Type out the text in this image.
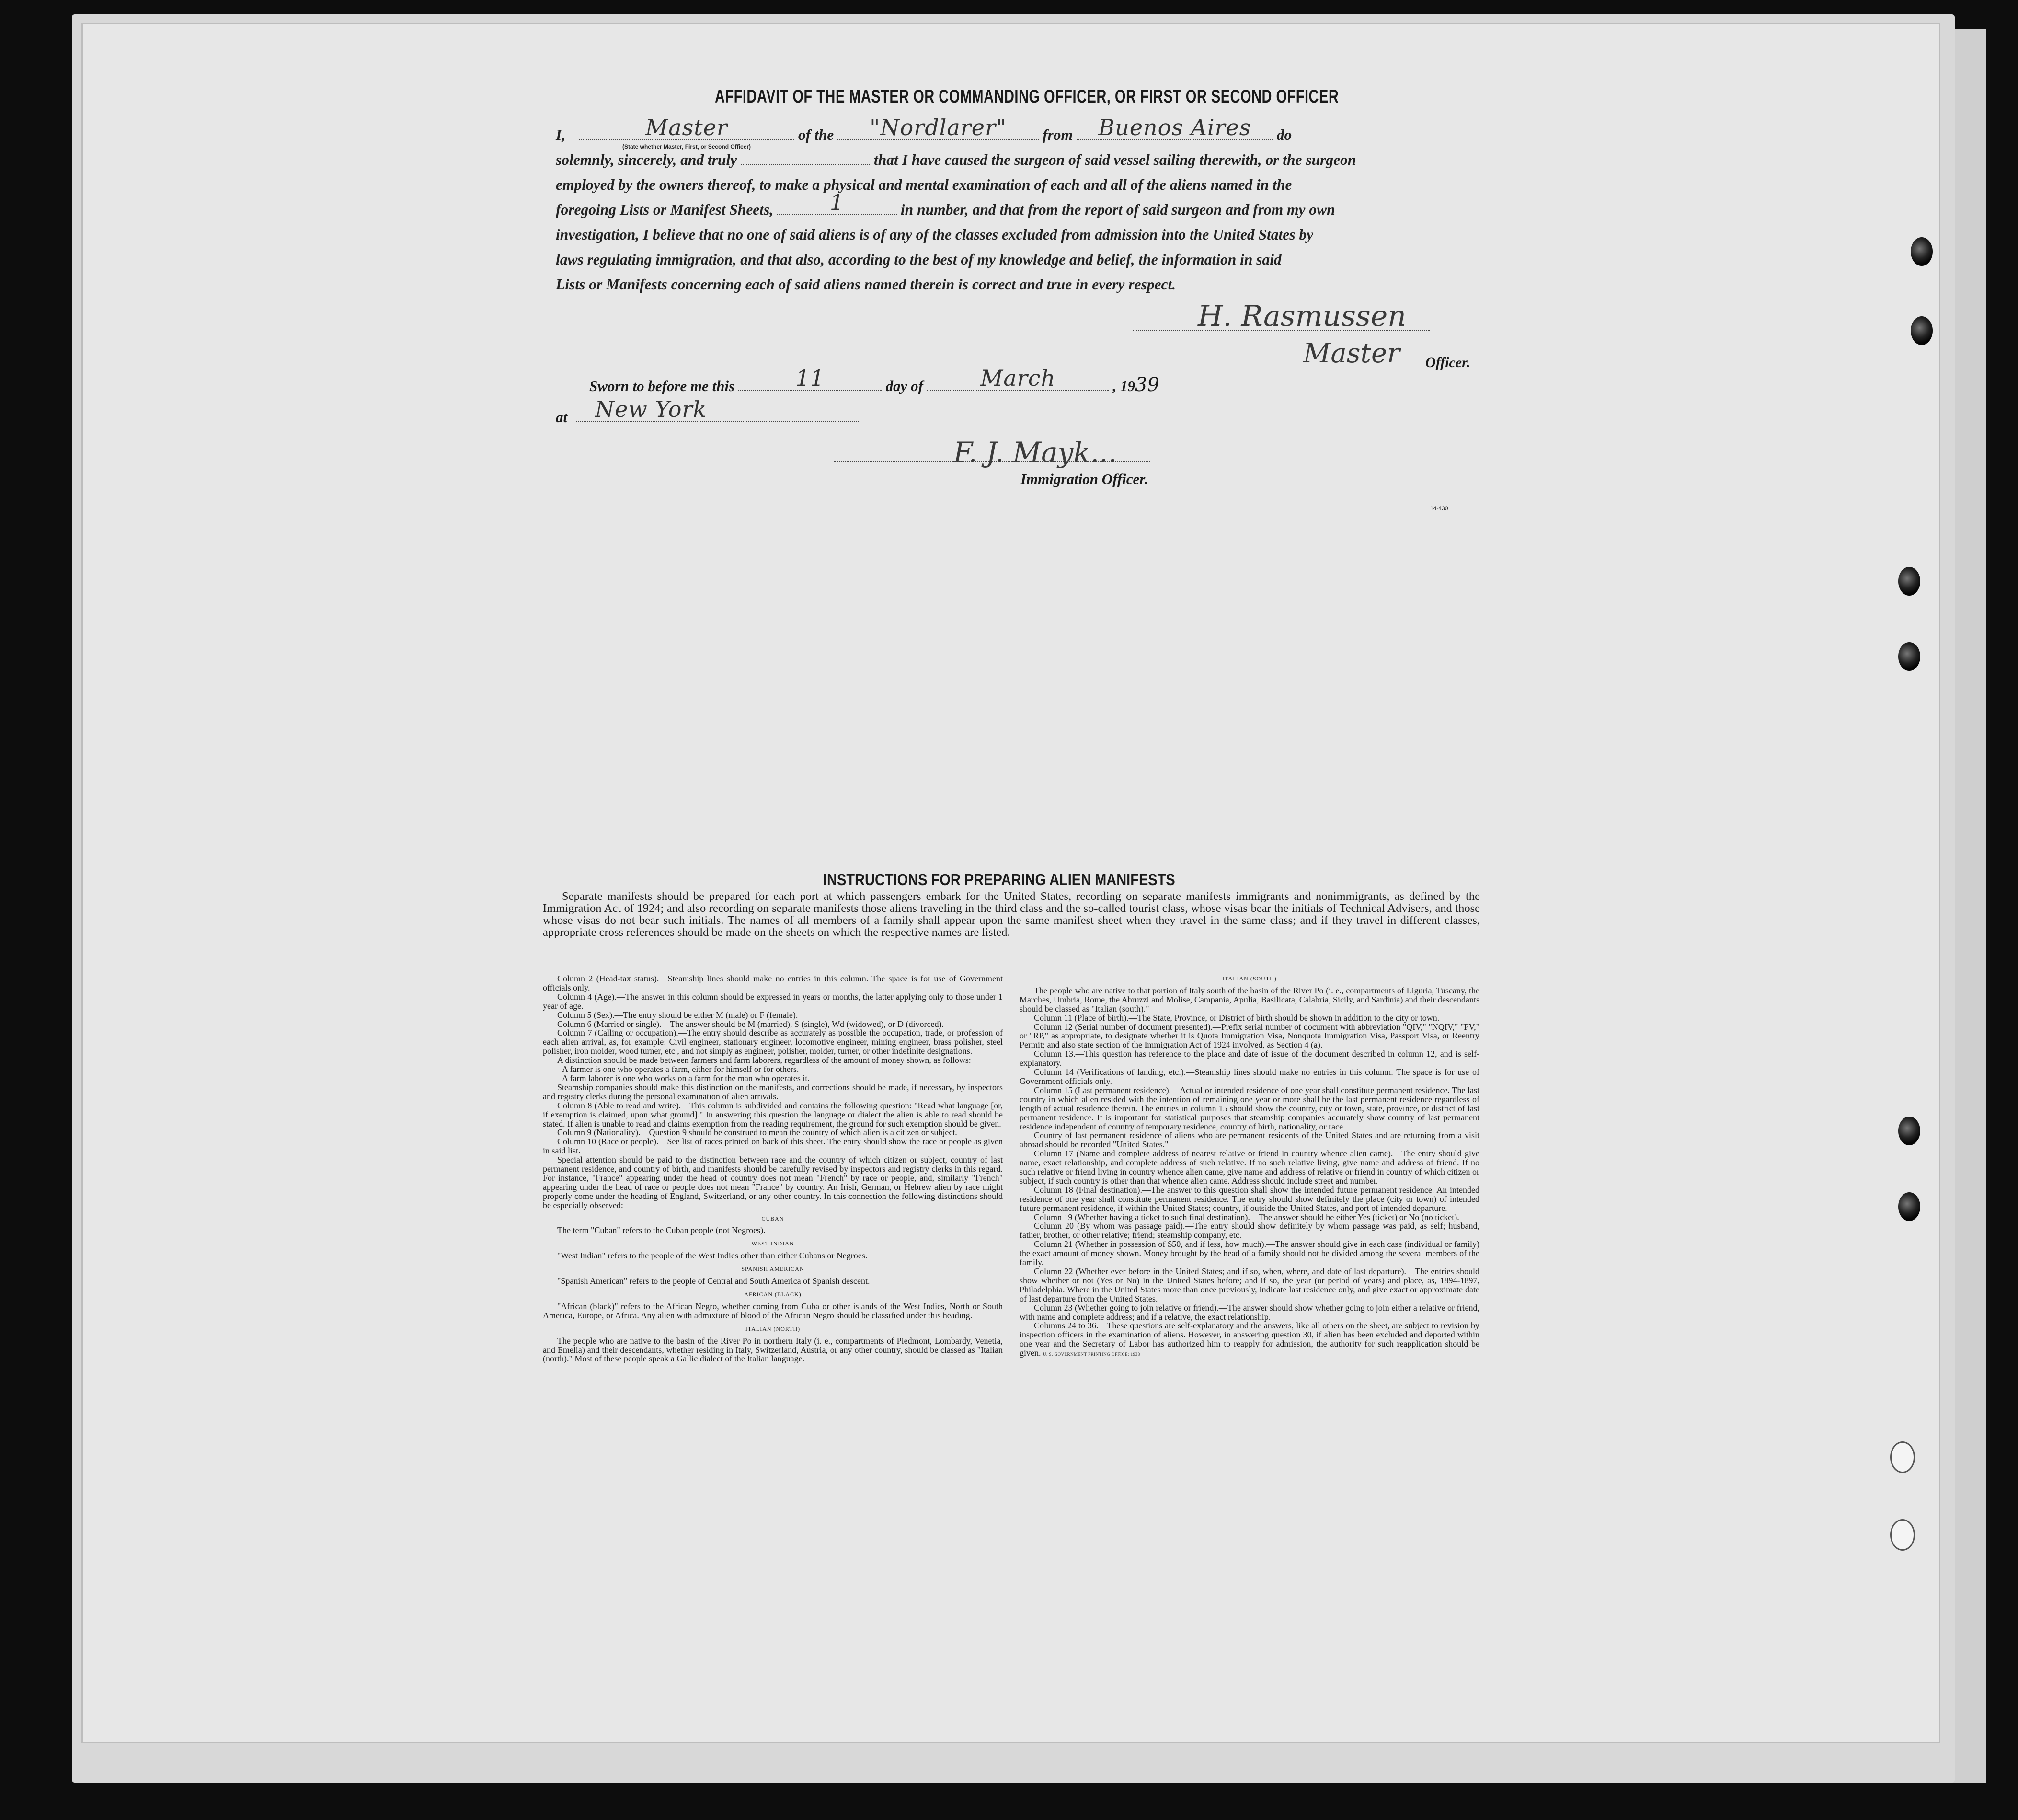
AFFIDAVIT OF THE MASTER OR COMMANDING OFFICER, OR FIRST OR SECOND OFFICER
I,	Master
(State whether Master, First, or Second Officer)
of the	"Nordlarer"	from	Buenos Aires	do
solemnly, sincerely, and truly	that I have caused the surgeon of said vessel sailing therewith, or the surgeon
employed by the owners thereof, to make a physical and mental examination of each and all of the aliens named in the
foregoing Lists or Manifest Sheets,	1	in number, and that from the report of said surgeon and from my own
investigation, I believe that no one of said aliens is of any of the classes excluded from admission into the United States by
laws regulating immigration, and that also, according to the best of my knowledge and belief, the information in said
Lists or Manifests concerning each of said aliens named therein is correct and true in every respect.
H. Rasmussen
Master Officer.
Sworn to before me this	11	day of	March	, 1939
at	New York
F. J. Mayk...
Immigration Officer.
14-430
INSTRUCTIONS FOR PREPARING ALIEN MANIFESTS
Separate manifests should be prepared for each port at which passengers embark for the United States, recording on separate manifests immigrants and nonimmigrants, as defined by the Immigration Act of 1924; and also recording on separate manifests those aliens traveling in the third class and the so-called tourist class, whose visas bear the initials of Technical Advisers, and those whose visas do not bear such initials. The names of all members of a family shall appear upon the same manifest sheet when they travel in the same class; and if they travel in different classes, appropriate cross references should be made on the sheets on which the respective names are listed.

Column 2 (Head-tax status).—Steamship lines should make no entries in this column. The space is for use of Government officials only.

Column 4 (Age).—The answer in this column should be expressed in years or months, the latter applying only to those under 1 year of age.

Column 5 (Sex).—The entry should be either M (male) or F (female).

Column 6 (Married or single).—The answer should be M (married), S (single), Wd (widowed), or D (divorced).

Column 7 (Calling or occupation).—The entry should describe as accurately as possible the occupation, trade, or profession of each alien arrival, as, for example: Civil engineer, stationary engineer, locomotive engineer, mining engineer, brass polisher, steel polisher, iron molder, wood turner, etc., and not simply as engineer, polisher, molder, turner, or other indefinite designations.

A distinction should be made between farmers and farm laborers, regardless of the amount of money shown, as follows:

A farmer is one who operates a farm, either for himself or for others.

A farm laborer is one who works on a farm for the man who operates it.

Steamship companies should make this distinction on the manifests, and corrections should be made, if necessary, by inspectors and registry clerks during the personal examination of alien arrivals.

Column 8 (Able to read and write).—This column is subdivided and contains the following question: "Read what language [or, if exemption is claimed, upon what ground]." In answering this question the language or dialect the alien is able to read should be stated. If alien is unable to read and claims exemption from the reading requirement, the ground for such exemption should be given.

Column 9 (Nationality).—Question 9 should be construed to mean the country of which alien is a citizen or subject.

Column 10 (Race or people).—See list of races printed on back of this sheet. The entry should show the race or people as given in said list.

Special attention should be paid to the distinction between race and the country of which citizen or subject, country of last permanent residence, and country of birth, and manifests should be carefully revised by inspectors and registry clerks in this regard. For instance, "France" appearing under the head of country does not mean "French" by race or people, and, similarly "French" appearing under the head of race or people does not mean "France" by country. An Irish, German, or Hebrew alien by race might properly come under the heading of England, Switzerland, or any other country. In this connection the following distinctions should be especially observed:

CUBAN

The term "Cuban" refers to the Cuban people (not Negroes).

WEST INDIAN

"West Indian" refers to the people of the West Indies other than either Cubans or Negroes.

SPANISH AMERICAN

"Spanish American" refers to the people of Central and South America of Spanish descent.

AFRICAN (BLACK)

"African (black)" refers to the African Negro, whether coming from Cuba or other islands of the West Indies, North or South America, Europe, or Africa. Any alien with admixture of blood of the African Negro should be classified under this heading.

ITALIAN (NORTH)

The people who are native to the basin of the River Po in northern Italy (i. e., compartments of Piedmont, Lombardy, Venetia, and Emelia) and their descendants, whether residing in Italy, Switzerland, Austria, or any other country, should be classed as "Italian (north)." Most of these people speak a Gallic dialect of the Italian language.

ITALIAN (SOUTH)

The people who are native to that portion of Italy south of the basin of the River Po (i. e., compartments of Liguria, Tuscany, the Marches, Umbria, Rome, the Abruzzi and Molise, Campania, Apulia, Basilicata, Calabria, Sicily, and Sardinia) and their descendants should be classed as "Italian (south)."

Column 11 (Place of birth).—The State, Province, or District of birth should be shown in addition to the city or town.

Column 12 (Serial number of document presented).—Prefix serial number of document with abbreviation "QIV," "NQIV," "PV," or "RP," as appropriate, to designate whether it is Quota Immigration Visa, Nonquota Immigration Visa, Passport Visa, or Reentry Permit; and also state section of the Immigration Act of 1924 involved, as Section 4 (a).

Column 13.—This question has reference to the place and date of issue of the document described in column 12, and is self-explanatory.

Column 14 (Verifications of landing, etc.).—Steamship lines should make no entries in this column. The space is for use of Government officials only.

Column 15 (Last permanent residence).—Actual or intended residence of one year shall constitute permanent residence. The last country in which alien resided with the intention of remaining one year or more shall be the last permanent residence regardless of length of actual residence therein. The entries in column 15 should show the country, city or town, state, province, or district of last permanent residence. It is important for statistical purposes that steamship companies accurately show country of last permanent residence independent of country of temporary residence, country of birth, nationality, or race.

Country of last permanent residence of aliens who are permanent residents of the United States and are returning from a visit abroad should be recorded "United States."

Column 17 (Name and complete address of nearest relative or friend in country whence alien came).—The entry should give name, exact relationship, and complete address of such relative. If no such relative living, give name and address of friend. If no such relative or friend living in country whence alien came, give name and address of relative or friend in country of which citizen or subject, if such country is other than that whence alien came. Address should include street and number.

Column 18 (Final destination).—The answer to this question shall show the intended future permanent residence. An intended residence of one year shall constitute permanent residence. The entry should show definitely the place (city or town) of intended future permanent residence, if within the United States; country, if outside the United States, and port of intended departure.

Column 19 (Whether having a ticket to such final destination).—The answer should be either Yes (ticket) or No (no ticket).

Column 20 (By whom was passage paid).—The entry should show definitely by whom passage was paid, as self; husband, father, brother, or other relative; friend; steamship company, etc.

Column 21 (Whether in possession of $50, and if less, how much).—The answer should give in each case (individual or family) the exact amount of money shown. Money brought by the head of a family should not be divided among the several members of the family.

Column 22 (Whether ever before in the United States; and if so, when, where, and date of last departure).—The entries should show whether or not (Yes or No) in the United States before; and if so, the year (or period of years) and place, as, 1894-1897, Philadelphia. Where in the United States more than once previously, indicate last residence only, and give exact or approximate date of last departure from the United States.

Column 23 (Whether going to join relative or friend).—The answer should show whether going to join either a relative or friend, with name and complete address; and if a relative, the exact relationship.

Columns 24 to 36.—These questions are self-explanatory and the answers, like all others on the sheet, are subject to revision by inspection officers in the examination of aliens. However, in answering question 30, if alien has been excluded and deported within one year and the Secretary of Labor has authorized him to reapply for admission, the authority for such reapplication should be given. U. S. GOVERNMENT PRINTING OFFICE: 1938
